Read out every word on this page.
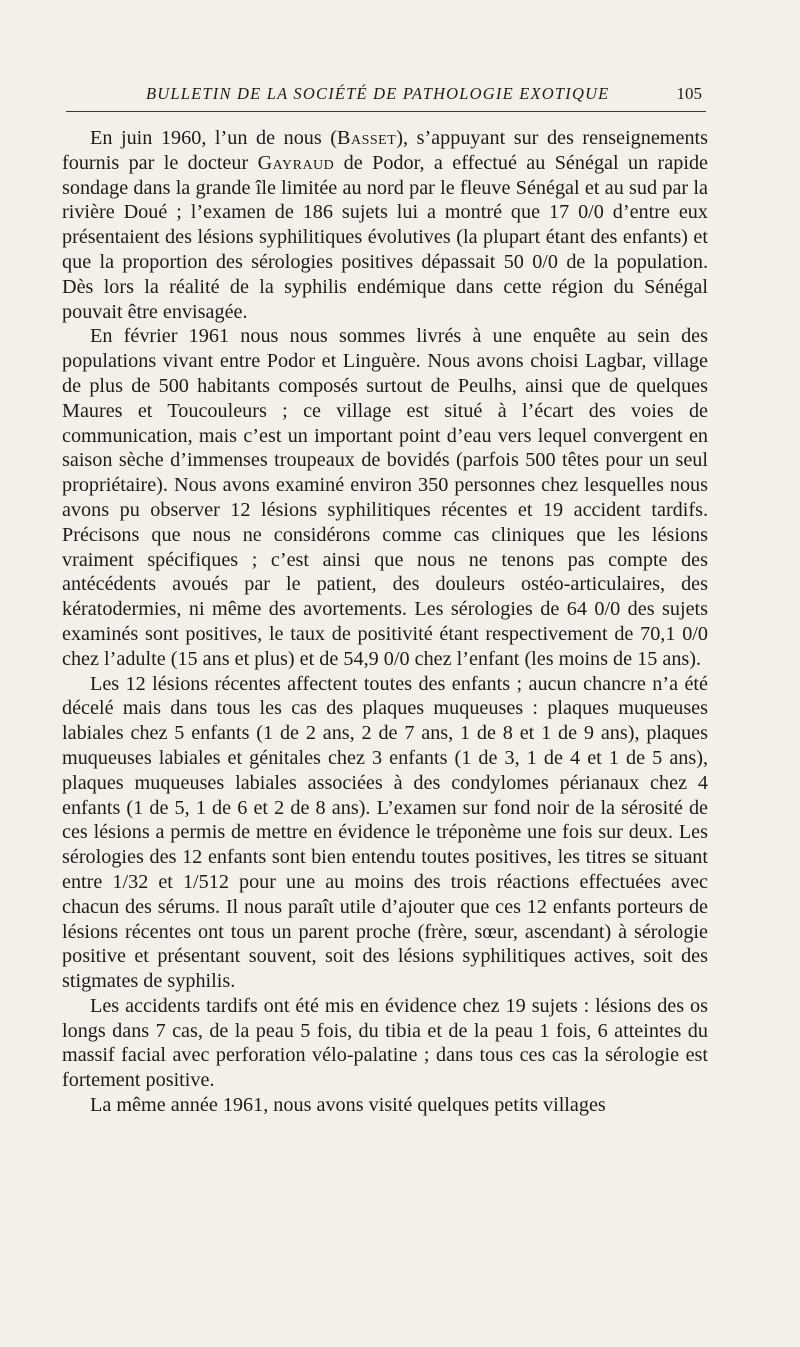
BULLETIN DE LA SOCIÉTÉ DE PATHOLOGIE EXOTIQUE	105

En juin 1960, l’un de nous (Basset), s’appuyant sur des renseignements fournis par le docteur Gayraud de Podor, a effectué au Sénégal un rapide sondage dans la grande île limitée au nord par le fleuve Sénégal et au sud par la rivière Doué ; l’examen de 186 sujets lui a montré que 17 0/0 d’entre eux présentaient des lésions syphilitiques évolutives (la plupart étant des enfants) et que la proportion des sérologies positives dépassait 50 0/0 de la population. Dès lors la réalité de la syphilis endémique dans cette région du Sénégal pouvait être envisagée.

En février 1961 nous nous sommes livrés à une enquête au sein des populations vivant entre Podor et Linguère. Nous avons choisi Lagbar, village de plus de 500 habitants composés surtout de Peulhs, ainsi que de quelques Maures et Toucouleurs ; ce village est situé à l’écart des voies de communication, mais c’est un important point d’eau vers lequel convergent en saison sèche d’immenses troupeaux de bovidés (parfois 500 têtes pour un seul propriétaire). Nous avons examiné environ 350 personnes chez lesquelles nous avons pu observer 12 lésions syphilitiques récentes et 19 accident tardifs. Précisons que nous ne considérons comme cas cliniques que les lésions vraiment spécifiques ; c’est ainsi que nous ne tenons pas compte des antécédents avoués par le patient, des douleurs ostéo-articulaires, des kératodermies, ni même des avortements. Les sérologies de 64 0/0 des sujets examinés sont positives, le taux de positivité étant respectivement de 70,1 0/0 chez l’adulte (15 ans et plus) et de 54,9 0/0 chez l’enfant (les moins de 15 ans).

Les 12 lésions récentes affectent toutes des enfants ; aucun chancre n’a été décelé mais dans tous les cas des plaques muqueuses : plaques muqueuses labiales chez 5 enfants (1 de 2 ans, 2 de 7 ans, 1 de 8 et 1 de 9 ans), plaques muqueuses labiales et génitales chez 3 enfants (1 de 3, 1 de 4 et 1 de 5 ans), plaques muqueuses labiales associées à des condylomes périanaux chez 4 enfants (1 de 5, 1 de 6 et 2 de 8 ans). L’examen sur fond noir de la sérosité de ces lésions a permis de mettre en évidence le tréponème une fois sur deux. Les sérologies des 12 enfants sont bien entendu toutes positives, les titres se situant entre 1/32 et 1/512 pour une au moins des trois réactions effectuées avec chacun des sérums. Il nous paraît utile d’ajouter que ces 12 enfants porteurs de lésions récentes ont tous un parent proche (frère, sœur, ascendant) à sérologie positive et présentant souvent, soit des lésions syphilitiques actives, soit des stigmates de syphilis.

Les accidents tardifs ont été mis en évidence chez 19 sujets : lésions des os longs dans 7 cas, de la peau 5 fois, du tibia et de la peau 1 fois, 6 atteintes du massif facial avec perforation vélo-palatine ; dans tous ces cas la sérologie est fortement positive.

La même année 1961, nous avons visité quelques petits villages
